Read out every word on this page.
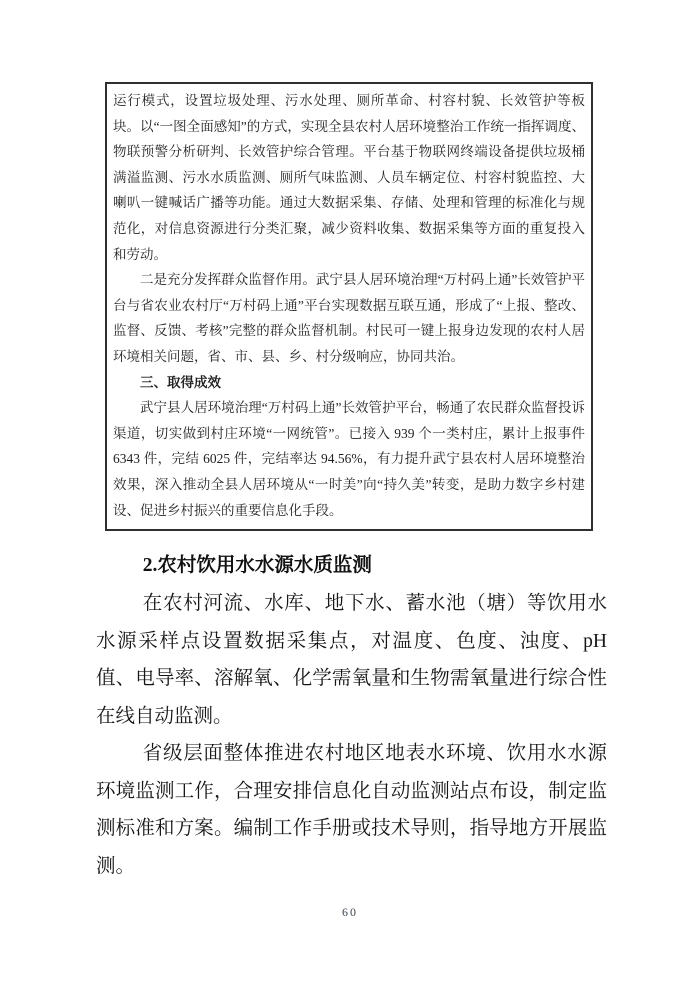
运行模式，设置垃圾处理、污水处理、厕所革命、村容村貌、长效管护等板块。以“一图全面感知”的方式，实现全县农村人居环境整治工作统一指挥调度、物联预警分析研判、长效管护综合管理。平台基于物联网终端设备提供垃圾桶满溢监测、污水水质监测、厕所气味监测、人员车辆定位、村容村貌监控、大喇叭一键喊话广播等功能。通过大数据采集、存储、处理和管理的标准化与规范化，对信息资源进行分类汇聚，减少资料收集、数据采集等方面的重复投入和劳动。

二是充分发挥群众监督作用。武宁县人居环境治理“万村码上通”长效管护平台与省农业农村厅“万村码上通”平台实现数据互联互通，形成了“上报、整改、监督、反馈、考核”完整的群众监督机制。村民可一键上报身边发现的农村人居环境相关问题，省、市、县、乡、村分级响应，协同共治。

三、取得成效

武宁县人居环境治理“万村码上通”长效管护平台，畅通了农民群众监督投诉渠道，切实做到村庄环境“一网统管”。已接入 939 个一类村庄，累计上报事件 6343 件，完结 6025 件，完结率达 94.56%，有力提升武宁县农村人居环境整治效果，深入推动全县人居环境从“一时美”向“持久美”转变，是助力数字乡村建设、促进乡村振兴的重要信息化手段。

2.农村饮用水水源水质监测

在农村河流、水库、地下水、蓄水池（塘）等饮用水水源采样点设置数据采集点，对温度、色度、浊度、pH 值、电导率、溶解氧、化学需氧量和生物需氧量进行综合性在线自动监测。

省级层面整体推进农村地区地表水环境、饮用水水源环境监测工作，合理安排信息化自动监测站点布设，制定监测标准和方案。编制工作手册或技术导则，指导地方开展监测。

60
